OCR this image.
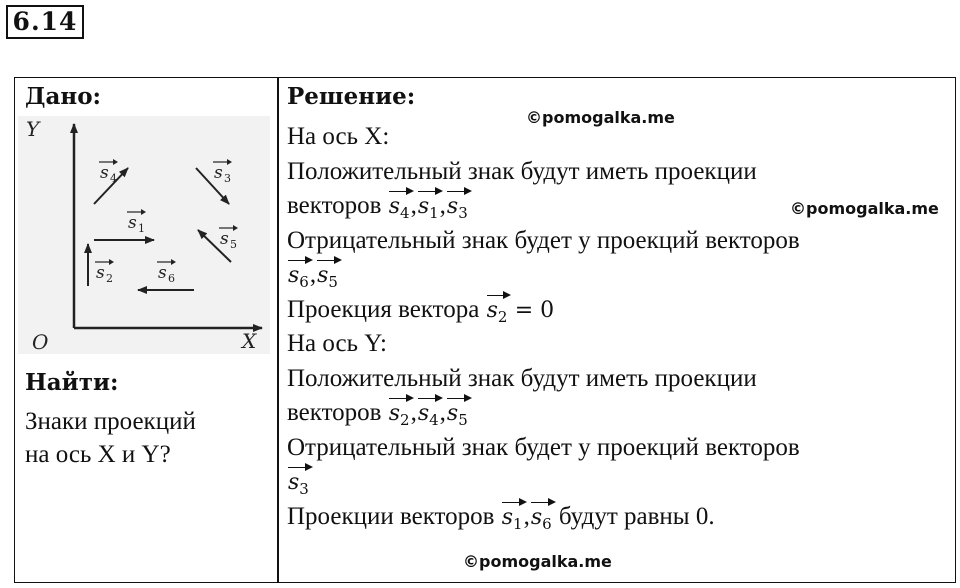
6.14
Дано:
Y
X
O
s 4	s 3
s 1
s 5
s 2	s 6
Найти:
Знаки проекций
на ось X и Y?
Решение:
На ось X:
Положительный знак будут иметь проекции
векторов $s_4,s_1,s_3$
Отрицательный знак будет у проекций векторов
$s_6,s_5$
Проекция вектора $s_2 = 0$
На ось Y:
Положительный знак будут иметь проекции
векторов $s_2,s_4,s_5$
Отрицательный знак будет у проекций векторов
$s_3$
Проекции векторов $s_1,s_6$ будут равны 0.
©pomogalka.me
©pomogalka.me
©pomogalka.me
